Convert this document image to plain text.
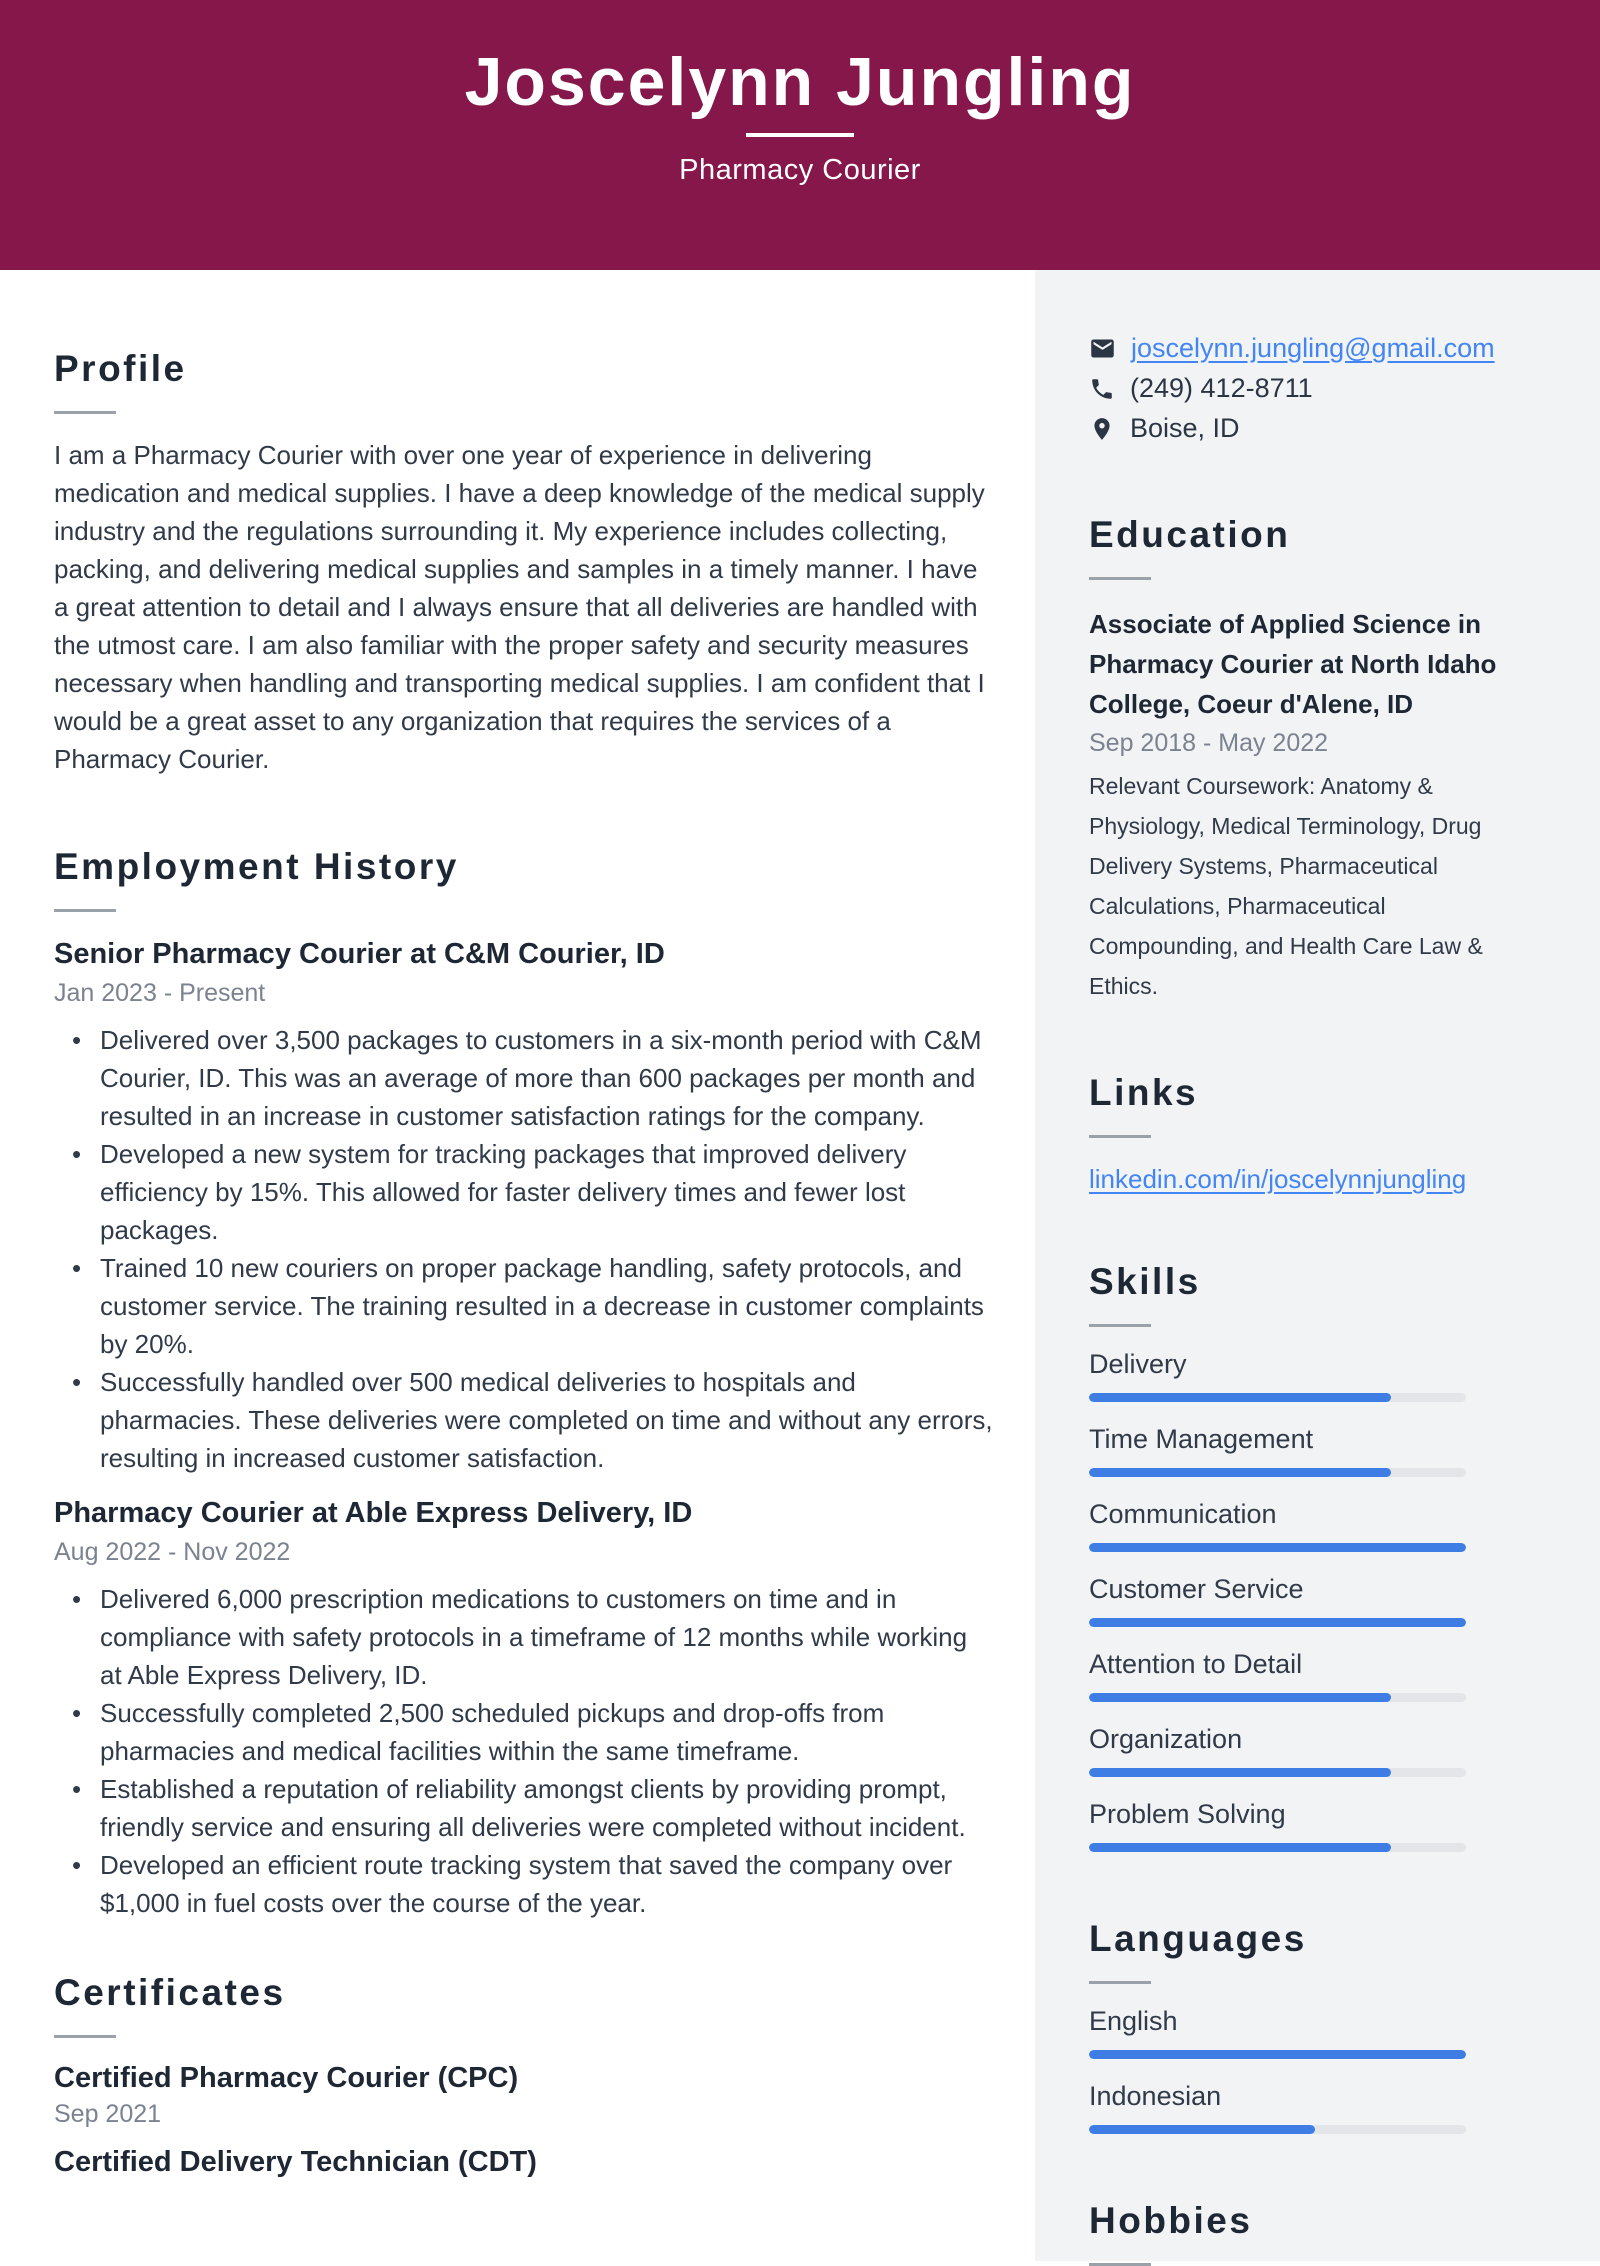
Joscelynn Jungling
Pharmacy Courier
Profile

I am a Pharmacy Courier with over one year of experience in delivering medication and medical supplies. I have a deep knowledge of the medical supply industry and the regulations surrounding it. My experience includes collecting, packing, and delivering medical supplies and samples in a timely manner. I have a great attention to detail and I always ensure that all deliveries are handled with the utmost care. I am also familiar with the proper safety and security measures necessary when handling and transporting medical supplies. I am confident that I would be a great asset to any organization that requires the services of a Pharmacy Courier.

Employment History
Senior Pharmacy Courier at C&M Courier, ID
Jan 2023 - Present
• Delivered over 3,500 packages to customers in a six-month period with C&M Courier, ID. This was an average of more than 600 packages per month and resulted in an increase in customer satisfaction ratings for the company.
• Developed a new system for tracking packages that improved delivery efficiency by 15%. This allowed for faster delivery times and fewer lost packages.
• Trained 10 new couriers on proper package handling, safety protocols, and customer service. The training resulted in a decrease in customer complaints by 20%.
• Successfully handled over 500 medical deliveries to hospitals and pharmacies. These deliveries were completed on time and without any errors, resulting in increased customer satisfaction.
Pharmacy Courier at Able Express Delivery, ID
Aug 2022 - Nov 2022
• Delivered 6,000 prescription medications to customers on time and in compliance with safety protocols in a timeframe of 12 months while working at Able Express Delivery, ID.
• Successfully completed 2,500 scheduled pickups and drop-offs from pharmacies and medical facilities within the same timeframe.
• Established a reputation of reliability amongst clients by providing prompt, friendly service and ensuring all deliveries were completed without incident.
• Developed an efficient route tracking system that saved the company over $1,000 in fuel costs over the course of the year.
Certificates
Certified Pharmacy Courier (CPC)
Sep 2021
Certified Delivery Technician (CDT)
joscelynn.jungling@gmail.com
(249) 412-8711
Boise, ID
Education
Associate of Applied Science in Pharmacy Courier at North Idaho College, Coeur d'Alene, ID
Sep 2018 - May 2022
Relevant Coursework: Anatomy & Physiology, Medical Terminology, Drug Delivery Systems, Pharmaceutical Calculations, Pharmaceutical Compounding, and Health Care Law & Ethics.
Links
linkedin.com/in/joscelynnjungling
Skills
Delivery
Time Management
Communication
Customer Service
Attention to Detail
Organization
Problem Solving
Languages
English
Indonesian
Hobbies
